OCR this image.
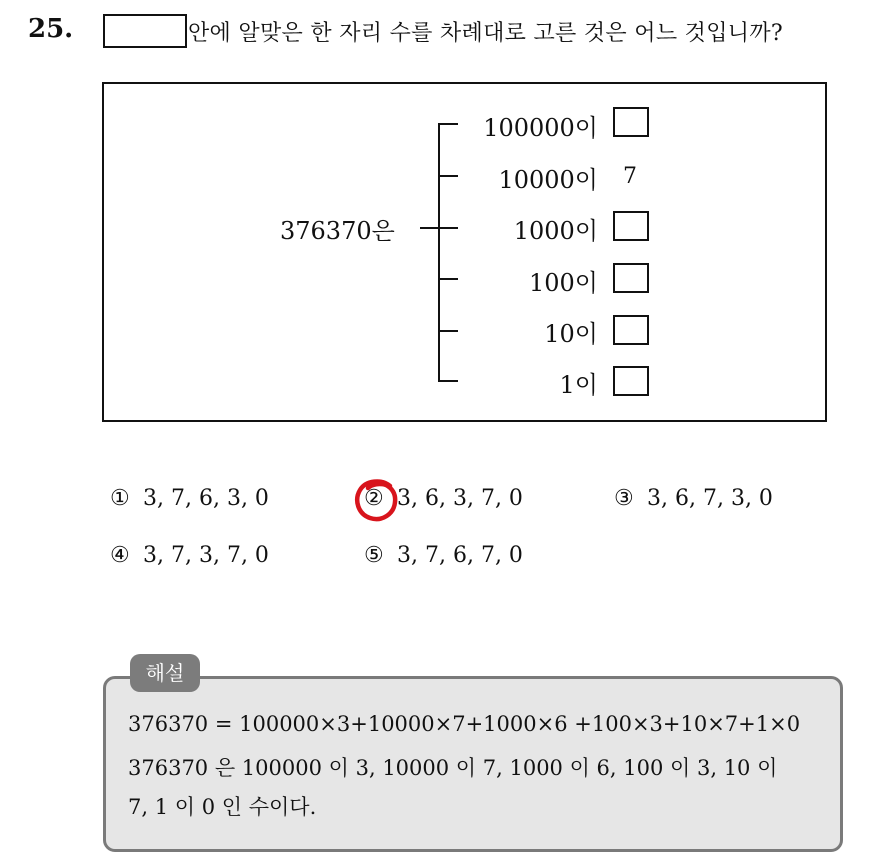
25.	안에 알맞은 한 자리 수를 차례대로 고른 것은 어느 것입니까?
376370은
100000이
10000이 7
1000이
100이
10이
1이
① 3, 7, 6, 3, 0	② 3, 6, 3, 7, 0	③ 3, 6, 7, 3, 0
④ 3, 7, 3, 7, 0	⑤ 3, 7, 6, 7, 0
해설
376370 = 100000×3+10000×7+1000×6 +100×3+10×7+1×0
376370 은 100000 이 3, 10000 이 7, 1000 이 6, 100 이 3, 10 이
7, 1 이 0 인 수이다.
